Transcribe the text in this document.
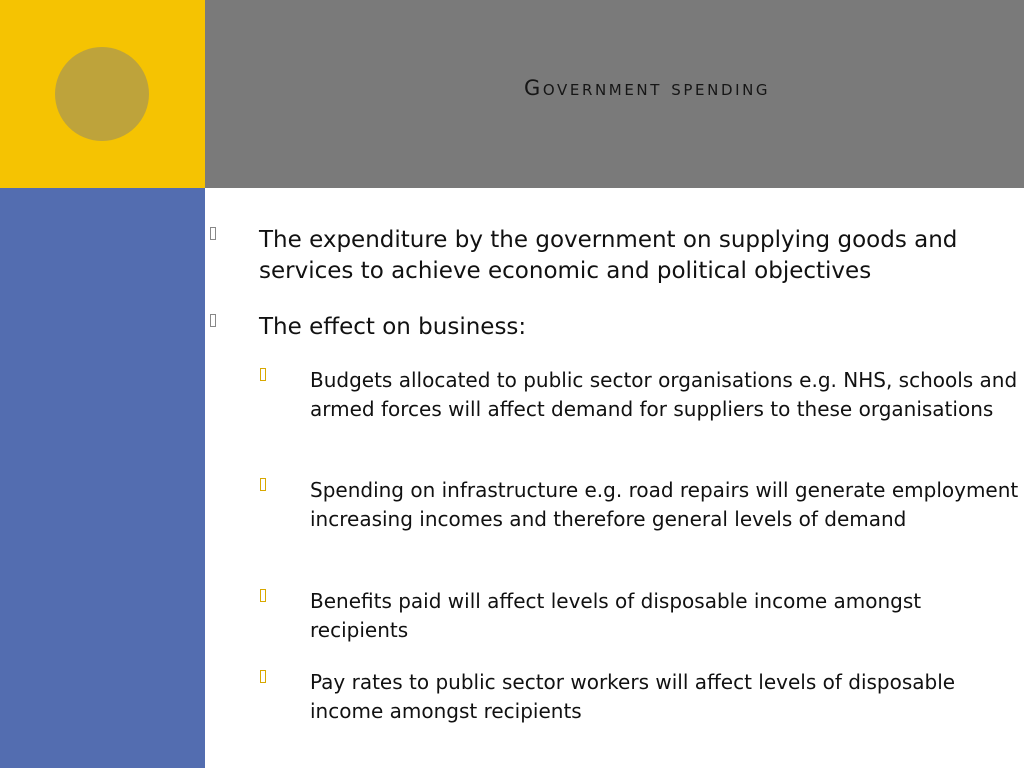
Government spending

The expenditure by the government on supplying goods and services to achieve economic and political objectives

The effect on business:

Budgets allocated to public sector organisations e.g. NHS, schools and armed forces will affect demand for suppliers to these organisations

Spending on infrastructure e.g. road repairs will generate employment increasing incomes and therefore general levels of demand

Benefits paid will affect levels of disposable income amongst recipients

Pay rates to public sector workers will affect levels of disposable income amongst recipients
